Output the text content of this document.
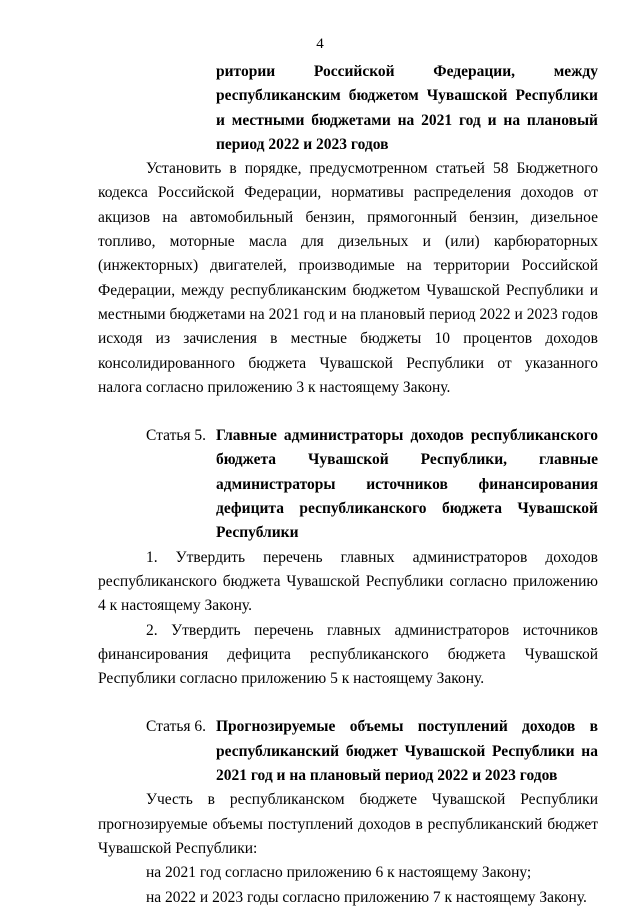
4
ритории Российской Федерации, между республиканским бюджетом Чувашской Республики и местными бюджетами на 2021 год и на плановый период 2022 и 2023 годов

Установить в порядке, предусмотренном статьей 58 Бюджетного кодекса Российской Федерации, нормативы распределения доходов от акцизов на автомобильный бензин, прямогонный бензин, дизельное топливо, моторные масла для дизельных и (или) карбюраторных (инжекторных) двигателей, производимые на территории Российской Федерации, между республиканским бюджетом Чувашской Республики и местными бюджетами на 2021 год и на плановый период 2022 и 2023 годов исходя из зачисления в местные бюджеты 10 процентов доходов консолидированного бюджета Чувашской Республики от указанного налога согласно приложению 3 к настоящему Закону.

Статья 5. Главные администраторы доходов республиканского бюджета Чувашской Республики, главные администраторы источников финансирования дефицита республиканского бюджета Чувашской Республики

1. Утвердить перечень главных администраторов доходов республиканского бюджета Чувашской Республики согласно приложению 4 к настоящему Закону.

2. Утвердить перечень главных администраторов источников финансирования дефицита республиканского бюджета Чувашской Республики согласно приложению 5 к настоящему Закону.

Статья 6. Прогнозируемые объемы поступлений доходов в республиканский бюджет Чувашской Республики на 2021 год и на плановый период 2022 и 2023 годов

Учесть в республиканском бюджете Чувашской Республики прогнозируемые объемы поступлений доходов в республиканский бюджет Чувашской Республики:

на 2021 год согласно приложению 6 к настоящему Закону;

на 2022 и 2023 годы согласно приложению 7 к настоящему Закону.
